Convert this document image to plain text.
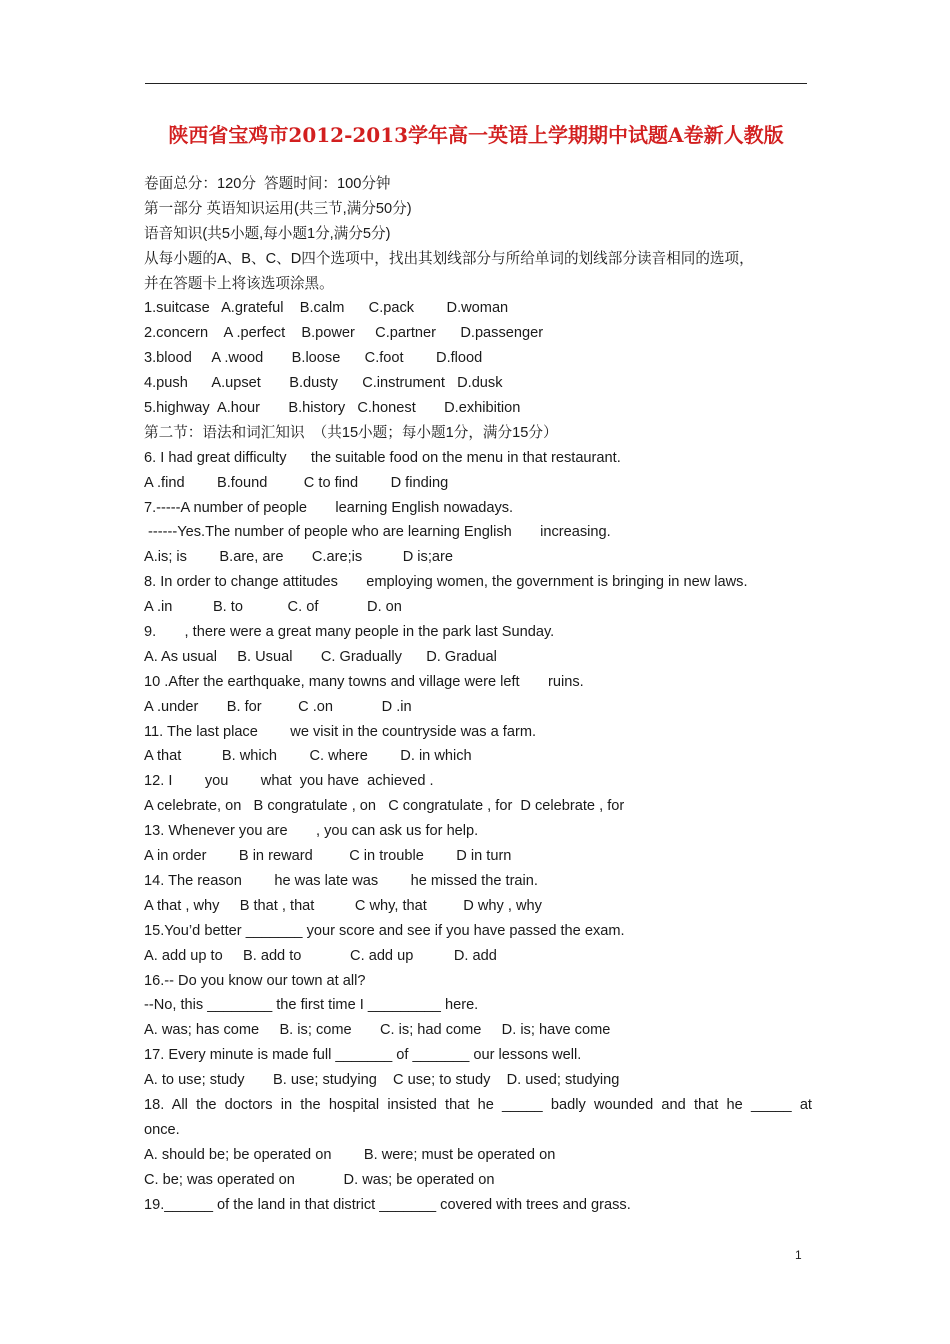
陕西省宝鸡市2012-2013学年高一英语上学期期中试题A卷新人教版
卷面总分：120分  答题时间：100分钟
第一部分 英语知识运用(共三节,满分50分)
语音知识(共5小题,每小题1分,满分5分)
从每小题的A、B、C、D四个选项中，找出其划线部分与所给单词的划线部分读音相同的选项，
并在答题卡上将该选项涂黑。
1.suitcase   A.grateful    B.calm      C.pack        D.woman
2.concern    A .perfect    B.power     C.partner      D.passenger
3.blood     A .wood       B.loose      C.foot        D.flood
4.push      A.upset       B.dusty      C.instrument   D.dusk
5.highway  A.hour       B.history   C.honest       D.exhibition
第二节：语法和词汇知识  （共15小题；每小题1分，满分15分）
6. I had great difficulty      the suitable food on the menu in that restaurant.
A .find        B.found         C to find        D finding
7.-----A number of people       learning English nowadays.
------Yes.The number of people who are learning English       increasing.
A.is; is        B.are, are       C.are;is          D is;are
8. In order to change attitudes       employing women, the government is bringing in new laws.
A .in          B. to           C. of            D. on
9.       , there were a great many people in the park last Sunday.
A. As usual     B. Usual       C. Gradually      D. Gradual
10 .After the earthquake, many towns and village were left       ruins.
A .under       B. for         C .on            D .in
11. The last place        we visit in the countryside was a farm.
A that          B. which        C. where        D. in which
12. I        you        what  you have  achieved .
A celebrate, on   B congratulate , on   C congratulate , for  D celebrate , for
13. Whenever you are       , you can ask us for help.
A in order        B in reward         C in trouble        D in turn
14. The reason        he was late was        he missed the train.
A that , why     B that , that          C why, that         D why , why
15.You’d better _______ your score and see if you have passed the exam.
A. add up to     B. add to            C. add up          D. add
16.-- Do you know our town at all?
--No, this ________ the first time I _________ here.
A. was; has come     B. is; come       C. is; had come     D. is; have come
17. Every minute is made full _______ of _______ our lessons well.
A. to use; study       B. use; studying    C use; to study    D. used; studying
18. All the doctors in the hospital insisted that he _____ badly wounded and that he _____ at
once.
A. should be; be operated on        B. were; must be operated on
C. be; was operated on            D. was; be operated on
19.______ of the land in that district _______ covered with trees and grass.
1
